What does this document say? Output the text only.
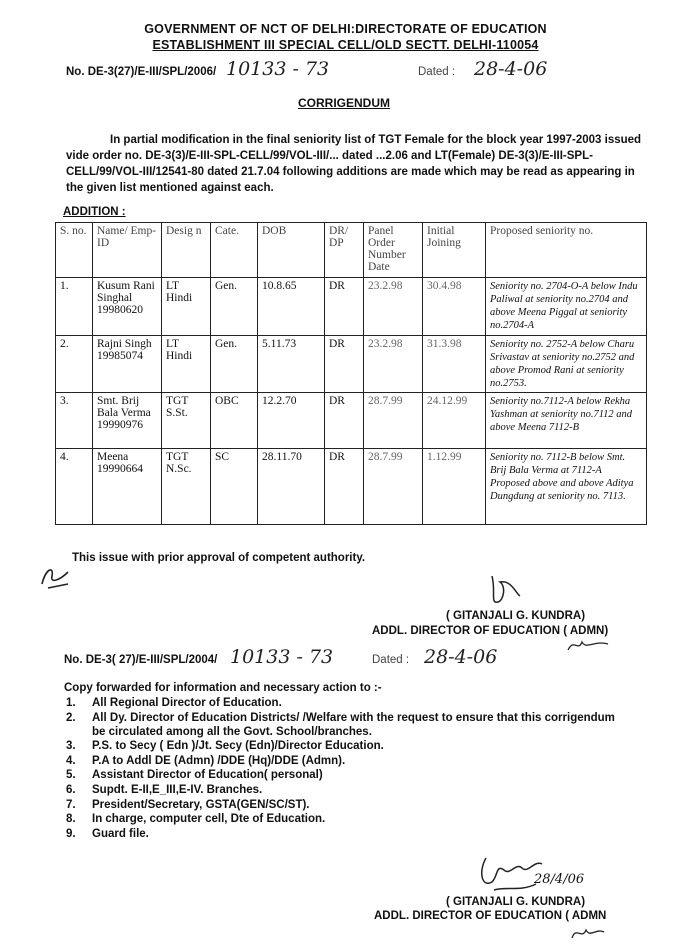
GOVERNMENT OF NCT OF DELHI:DIRECTORATE OF EDUCATION
ESTABLISHMENT III SPECIAL CELL/OLD SECTT. DELHI-110054
No. DE-3(27)/E-III/SPL/2006/ 10133 - 73	Dated : 28-4-06
CORRIGENDUM
In partial modification in the final seniority list of TGT Female for the block year 1997-2003 issued vide order no. DE-3(3)/E-III-SPL-CELL/99/VOL-III/... dated ...2.06 and LT(Female) DE-3(3)/E-III-SPL-CELL/99/VOL-III/12541-80 dated 21.7.04 following additions are made which may be read as appearing in the given list mentioned against each.
ADDITION :
S. no.	Name/ Emp-ID	Desig n	Cate.	DOB	DR/ DP	Panel Order Number Date	Initial Joining	Proposed seniority no.
1.	Kusum Rani Singhal 19980620	LT Hindi	Gen.	10.8.65	DR	23.2.98	30.4.98	Seniority no. 2704-O-A below Indu Paliwal at seniority no.2704 and above Meena Piggal at seniority no.2704-A
2.	Rajni Singh 19985074	LT Hindi	Gen.	5.11.73	DR	23.2.98	31.3.98	Seniority no. 2752-A below Charu Srivastav at seniority no.2752 and above Promod Rani at seniority no.2753.
3.	Smt. Brij Bala Verma 19990976	TGT S.St.	OBC	12.2.70	DR	28.7.99	24.12.99	Seniority no.7112-A below Rekha Yashman at seniority no.7112 and above Meena 7112-B
4.	Meena 19990664	TGT N.Sc.	SC	28.11.70	DR	28.7.99	1.12.99	Seniority no. 7112-B below Smt. Brij Bala Verma at 7112-A Proposed above and above Aditya Dungdung at seniority no. 7113.
This issue with prior approval of competent authority.
( GITANJALI G. KUNDRA)
ADDL. DIRECTOR OF EDUCATION ( ADMN)
No. DE-3( 27)/E-III/SPL/2004/ 10133 - 73	Dated : 28-4-06
Copy forwarded for information and necessary action to :-
1. All Regional Director of Education.
2. All Dy. Director of Education Districts/ /Welfare with the request to ensure that this corrigendum
be circulated among all the Govt. School/branches.
3. P.S. to Secy ( Edn )/Jt. Secy (Edn)/Director Education.
4. P.A to Addl DE (Admn) /DDE (Hq)/DDE (Admn).
5. Assistant Director of Education( personal)
6. Supdt. E-II,E_III,E-IV. Branches.
7. President/Secretary, GSTA(GEN/SC/ST).
8. In charge, computer cell, Dte of Education.
9. Guard file.
28/4/06
( GITANJALI G. KUNDRA)
ADDL. DIRECTOR OF EDUCATION ( ADMN
